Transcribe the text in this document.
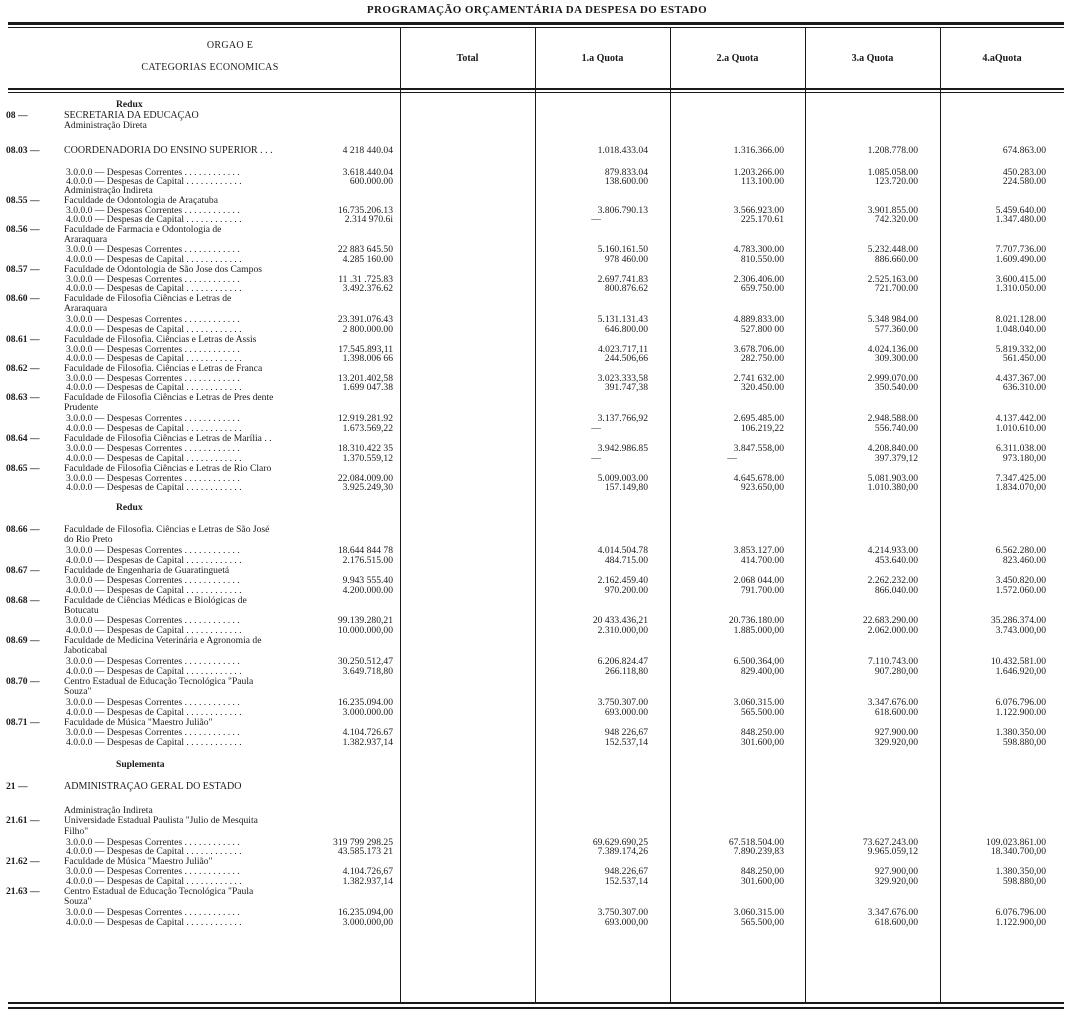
PROGRAMAÇÃO ORÇAMENTÁRIA DA DESPESA DO ESTADO
ORGAO E
CATEGORIAS ECONOMICAS
Total	1.a Quota	2.a Quota	3.a Quota	4.aQuota
Redux
08 —	SECRETARIA DA EDUCAÇÃO
Administração Direta
08.03 —	COORDENADORIA DO ENSINO SUPERIOR . . .	4 218 440.04	1.018.433.04	1.316.366.00	1.208.778.00	674.863.00
3.0.0.0 — Despesas Correntes . . . . . . . . . . . .	3.618.440.04	879.833.04	1.203.266.00	1.085.058.00	450.283.00
4.0.0.0 — Despesas de Capital . . . . . . . . . . . .	600.000.00	138.600.00	113.100.00	123.720.00	224.580.00
Administração Indireta
08.55 —	Faculdade de Odontologia de Araçatuba
3.0.0.0 — Despesas Correntes . . . . . . . . . . . .	16.735.206.13	3.806.790.13	3.566.923.00	3.901.855.00	5.459.640.00
4.0.0.0 — Despesas de Capital . . . . . . . . . . . .	2.314 970.6i	—	225.170.61	742.320.00	1.347.480.00
08.56 —	Faculdade de Farmacia e Odontologia de
Araraquara
3.0.0.0 — Despesas Correntes . . . . . . . . . . . .	22 883 645.50	5.160.161.50	4.783.300.00	5.232.448.00	7.707.736.00
4.0.0.0 — Despesas de Capital . . . . . . . . . . . .	4.285 160.00	978 460.00	810.550.00	886.660.00	1.609.490.00
08.57 —	Faculdade de Odontologia de São Jose dos Campos
3.0.0.0 — Despesas Correntes . . . . . . . . . . . .	11 .31 .725.83	2.697.741.83	2.306.406.00	2.525.163.00	3.600.415.00
4.0.0.0 — Despesas de Capital . . . . . . . . . . . .	3.492.376.62	800.876.62	659.750.00	721.700.00	1.310.050.00
08.60 —	Faculdade de Filosofia Ciências e Letras de
Araraquara
3.0.0.0 — Despesas Correntes . . . . . . . . . . . .	23.391.076.43	5.131.131.43	4.889.833.00	5.348 984.00	8.021.128.00
4.0.0.0 — Despesas de Capital . . . . . . . . . . . .	2 800.000.00	646.800.00	527.800 00	577.360.00	1.048.040.00
08.61 —	Faculdade de Filosofia. Ciências e Letras de Assis
3.0.0.0 — Despesas Correntes . . . . . . . . . . . .	17.545.893,11	4.023.717,11	3.678.706.00	4.024.136.00	5.819.332,00
4.0.0.0 — Despesas de Capital . . . . . . . . . . . .	1.398.006 66	244.506,66	282.750.00	309.300.00	561.450.00
08.62 —	Faculdade de Filosofia. Ciências e Letras de Franca
3.0.0.0 — Despesas Correntes . . . . . . . . . . . .	13.201.402,58	3.023.333,58	2.741 632.00	2.999.070.00	4.437.367.00
4.0.0.0 — Despesas de Capital . . . . . . . . . . . .	1.699 047.38	391.747,38	320.450.00	350.540.00	636.310.00
08.63 —	Faculdade de Filosofia Ciências e Letras de Pres dente
Prudente
3.0.0.0 — Despesas Correntes . . . . . . . . . . . .	12.919.281.92	3.137.766,92	2.695.485.00	2.948.588.00	4.137.442.00
4.0.0.0 — Despesas de Capital . . . . . . . . . . . .	1.673.569,22	—	106.219,22	556.740.00	1.010.610.00
08.64 —	Faculdade de Filosofia Ciências e Letras de Marília . .
3.0.0.0 — Despesas Correntes . . . . . . . . . . . .	18.310.422 35	3.942.986.85	3.847.558,00	4.208.840.00	6.311.038.00
4.0.0.0 — Despesas de Capital . . . . . . . . . . . .	1.370.559,12	—	—	397.379,12	973.180,00
08.65 —	Faculdade de Filosofia Ciências e Letras de Rio Claro
3.0.0.0 — Despesas Correntes . . . . . . . . . . . .	22.084.009.00	5.009.003.00	4.645.678.00	5.081.903.00	7.347.425.00
4.0.0.0 — Despesas de Capital . . . . . . . . . . . .	3.925.249,30	157.149,80	923.650,00	1.010.380,00	1.834.070,00
Redux
08.66 —	Faculdade de Filosofia. Ciências e Letras de São José
do Rio Preto
3.0.0.0 — Despesas Correntes . . . . . . . . . . . .	18.644 844 78	4.014.504.78	3.853.127.00	4.214.933.00	6.562.280.00
4.0.0.0 — Despesas de Capital . . . . . . . . . . . .	2.176.515.00	484.715.00	414.700.00	453.640.00	823.460.00
08.67 —	Faculdade de Engenharia de Guaratinguetá
3.0.0.0 — Despesas Correntes . . . . . . . . . . . .	9.943 555.40	2.162.459.40	2.068 044.00	2.262.232.00	3.450.820.00
4.0.0.0 — Despesas de Capital . . . . . . . . . . . .	4.200.000.00	970.200.00	791.700.00	866.040.00	1.572.060.00
08.68 —	Faculdade de Ciências Médicas e Biológicas de
Botucatu
3.0.0.0 — Despesas Correntes . . . . . . . . . . . .	99.139.280,21	20 433.436,21	20.736.180.00	22.683.290.00	35.286.374.00
4.0.0.0 — Despesas de Capital . . . . . . . . . . . .	10.000.000,00	2.310.000,00	1.885.000,00	2.062.000.00	3.743.000,00
08.69 —	Faculdade de Medicina Veterinária e Agronomia de
Jaboticabal
3.0.0.0 — Despesas Correntes . . . . . . . . . . . .	30.250.512,47	6.206.824.47	6.500.364,00	7.110.743.00	10.432.581.00
4.0.0.0 — Despesas de Capital . . . . . . . . . . . .	3.649.718,80	266.118,80	829.400,00	907.280,00	1.646.920,00
08.70 —	Centro Estadual de Educação Tecnológica "Paula
Souza"
3.0.0.0 — Despesas Correntes . . . . . . . . . . . .	16.235.094.00	3.750.307.00	3.060.315.00	3.347.676.00	6.076.796.00
4.0.0.0 — Despesas de Capital . . . . . . . . . . . .	3.000.000.00	693.000.00	565.500.00	618.600.00	1.122.900.00
08.71 —	Faculdade de Música "Maestro Julião"
3.0.0.0 — Despesas Correntes . . . . . . . . . . . .	4.104.726.67	948 226,67	848.250.00	927.900.00	1.380.350.00
4.0.0.0 — Despesas de Capital . . . . . . . . . . . .	1.382.937,14	152.537,14	301.600,00	329.920,00	598.880,00
Suplementa
21 —	ADMINISTRAÇÃO GERAL DO ESTADO
Administração Indireta
21.61 —	Universidade Estadual Paulista "Julio de Mesquita
Filho"
3.0.0.0 — Despesas Correntes . . . . . . . . . . . .	319 799 298.25	69.629.690,25	67.518.504.00	73.627.243.00	109.023.861.00
4.0.0.0 — Despesas de Capital . . . . . . . . . . . .	43.585.173 21	7.389.174,26	7.890.239,83	9.965.059,12	18.340.700,00
21.62 —	Faculdade de Música "Maestro Julião"
3.0.0.0 — Despesas Correntes . . . . . . . . . . . .	4.104.726,67	948.226,67	848.250,00	927.900,00	1.380.350,00
4.0.0.0 — Despesas de Capital . . . . . . . . . . . .	1.382.937,14	152.537,14	301.600,00	329.920,00	598.880,00
21.63 —	Centro Estadual de Educação Tecnológica "Paula
Souza"
3.0.0.0 — Despesas Correntes . . . . . . . . . . . .	16.235.094,00	3.750.307.00	3.060.315.00	3.347.676.00	6.076.796.00
4.0.0.0 — Despesas de Capital . . . . . . . . . . . .	3.000.000,00	693.000,00	565.500,00	618.600,00	1.122.900,00
